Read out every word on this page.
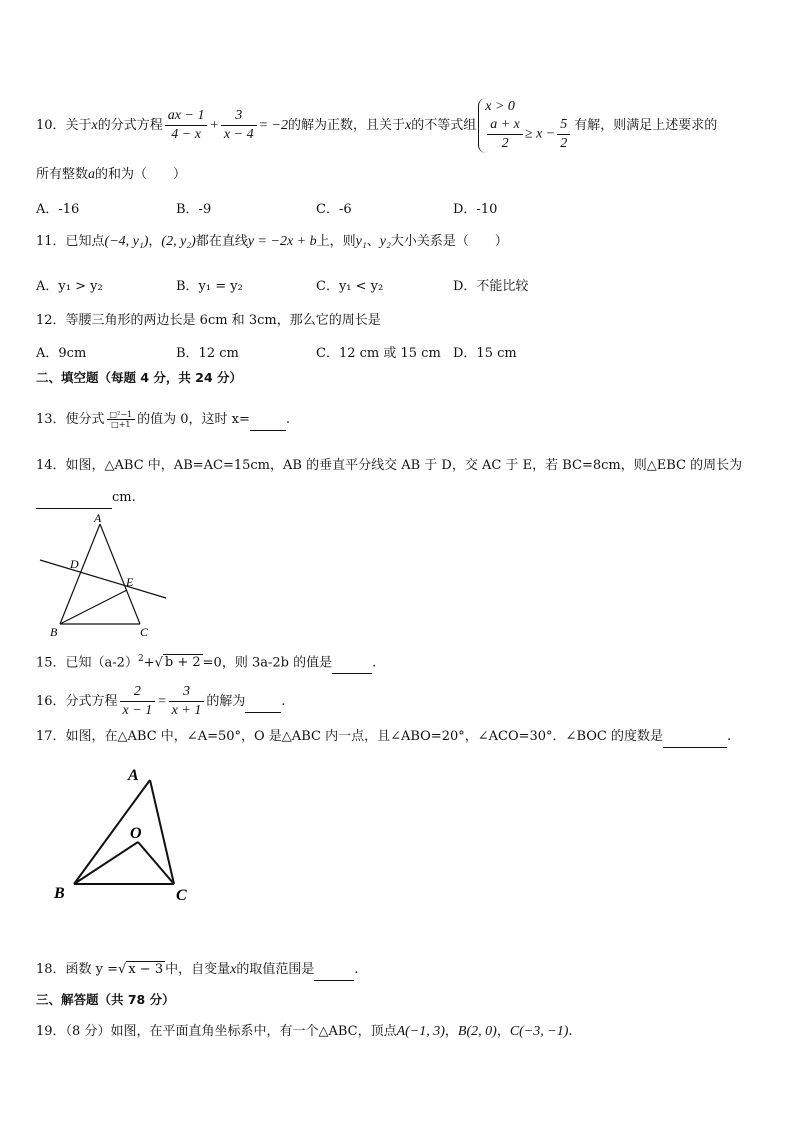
10．关于x的分式方程 $\frac{ax - 1}{4 - x} + \frac{3}{x - 4} = -2$的解为正数，且关于x的不等式组
x > 0
$\frac{a + x}{2} \ge x - \frac{5}{2}$ 有解，则满足上述要求的
所有整数a的和为（　　）
A．-16	B．-9	C．-6	D．-10
11．已知点(−4, y₁)，(2, y₂)都在直线y = −2x + b上，则y₁、y₂大小关系是（　　）
A．y₁ > y₂	B．y₁ = y₂	C．y₁ < y₂	D．不能比较
12．等腰三角形的两边长是 6cm 和 3cm，那么它的周长是
A．9cm	B．12 cm	C．12 cm 或 15 cm D．15 cm
二、填空题（每题 4 分，共 24 分）
13．使分式 $\frac{\text{□²−1}}{□+1}$ 的值为 0，这时 x=	.
14．如图，△ABC 中，AB=AC=15cm，AB 的垂直平分线交 AB 于 D，交 AC 于 E，若 BC=8cm，则△EBC 的周长为
cm.
A
D
E
B	C
15．已知$(a-2)^2+√$ b + 2 =0，则 3a-2b 的值是	.
16．分式方程 $\frac{2}{x - 1} = \frac{3}{x + 1}$ 的解为	.
17．如图，在△ABC 中，∠A=50°，O 是△ABC 内一点，且∠ABO=20°，∠ACO=30°．∠BOC 的度数是	.
A
O
B	C
18．函数 y =√ x − 3 中，自变量x的取值范围是	.
三、解答题（共 78 分）
19．（8 分）如图，在平面直角坐标系中，有一个△ABC，顶点A(−1, 3)，B(2, 0)，C(−3, −1).
